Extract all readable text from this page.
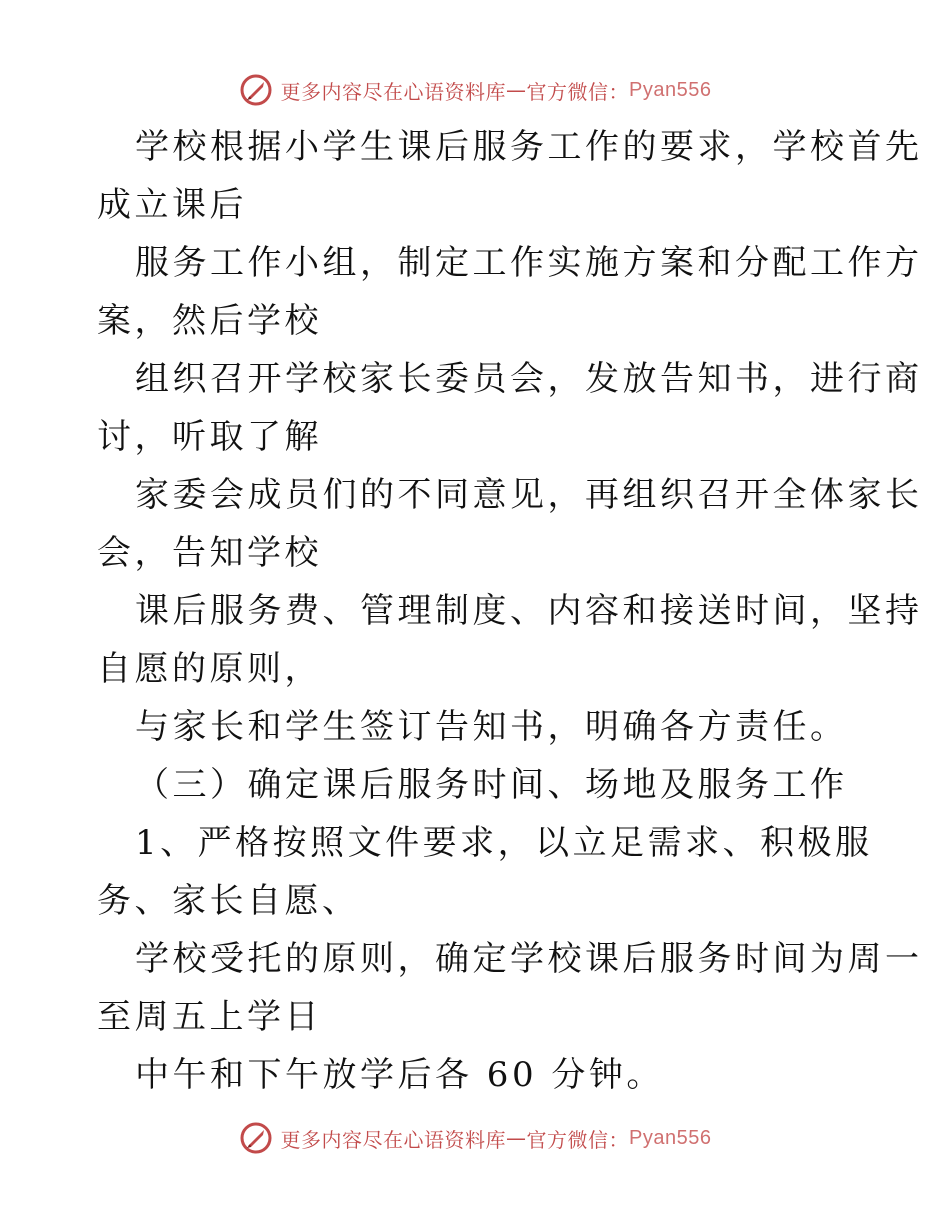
更多内容尽在心语资料库 — 官方微信： Pyan556
学校根据小学生课后服务工作的要求，学校首先
成立课后
服务工作小组，制定工作实施方案和分配工作方
案，然后学校
组织召开学校家长委员会，发放告知书，进行商
讨，听取了解
家委会成员们的不同意见，再组织召开全体家长
会，告知学校
课后服务费、管理制度、内容和接送时间，坚持
自愿的原则，
与家长和学生签订告知书，明确各方责任。
（三）确定课后服务时间、场地及服务工作
1、严格按照文件要求，以立足需求、积极服
务、家长自愿、
学校受托的原则，确定学校课后服务时间为周一
至周五上学日
中午和下午放学后各 60 分钟。
更多内容尽在心语资料库 — 官方微信： Pyan556
